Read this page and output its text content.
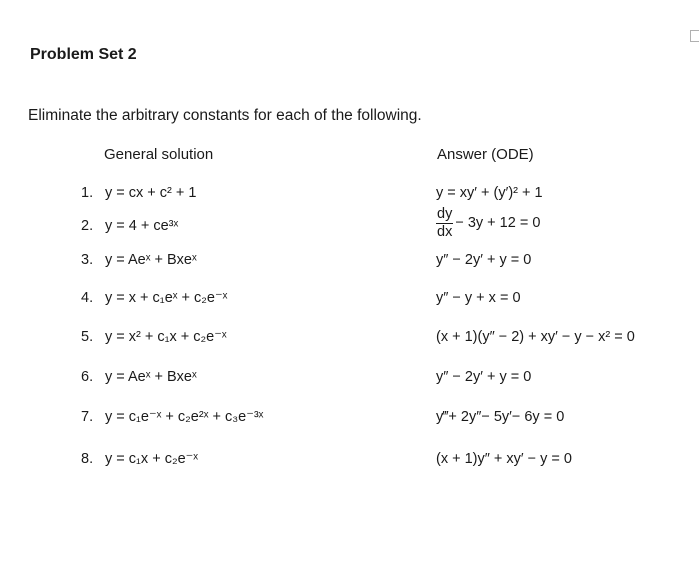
Problem Set 2
Eliminate the arbitrary constants for each of the following.
General solution	Answer (ODE)
1. y = cx + c² + 1	y = xy′ + (y′)² + 1
2. y = 4 + ce³ˣ	$\frac{dy}{dx} - 3y + 12 = 0$
3. y = Aeˣ + Bxeˣ	y″ − 2y′ + y = 0
4. y = x + c₁eˣ + c₂e⁻ˣ	y″ − y + x = 0
5. y = x² + c₁x + c₂e⁻ˣ	(x + 1)(y″ − 2) + xy′ − y − x² = 0
6. y = Aeˣ + Bxeˣ	y″ − 2y′ + y = 0
7. y = c₁e⁻ˣ + c₂e²ˣ + c₃e⁻³ˣ	y‴+ 2y″− 5y′− 6y = 0
8. y = c₁x + c₂e⁻ˣ	(x + 1)y″ + xy′ − y = 0
